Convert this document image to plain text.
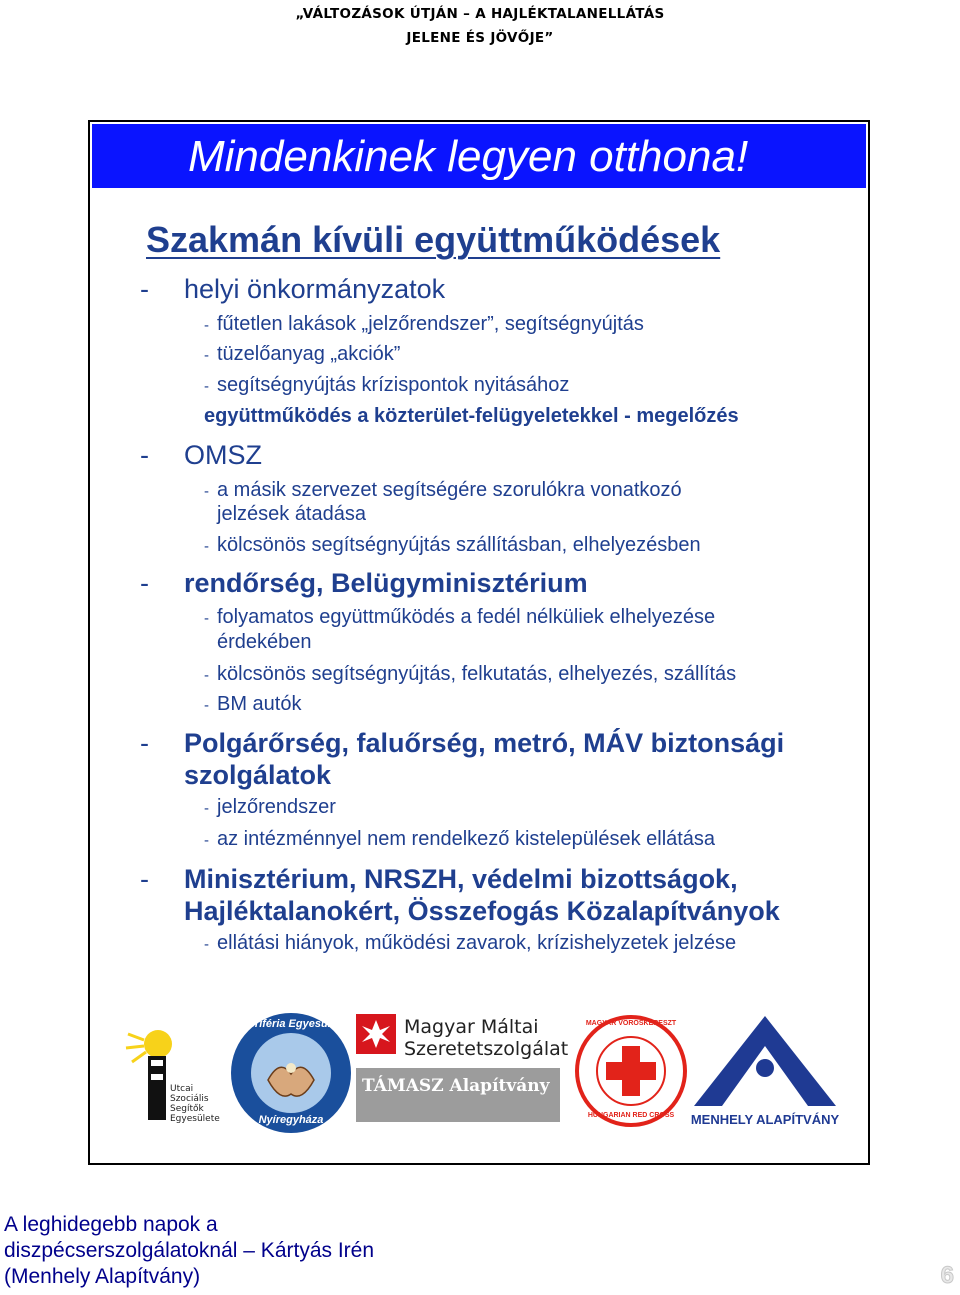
„VÁLTOZÁSOK ÚTJÁN – A HAJLÉKTALANELLÁTÁS
JELENE ÉS JÖVŐJE”
Mindenkinek legyen otthona!
Szakmán kívüli együttműködések
- helyi önkormányzatok
- fűtetlen lakások „jelzőrendszer”, segítségnyújtás
- tüzelőanyag „akciók”
- segítségnyújtás krízispontok nyitásához
együttműködés a közterület-felügyeletekkel - megelőzés
- OMSZ
- a másik szervezet segítségére szorulókra vonatkozó
jelzések átadása
- kölcsönös segítségnyújtás szállításban, elhelyezésben
- rendőrség, Belügyminisztérium
- folyamatos együttműködés a fedél nélküliek elhelyezése
érdekében
- kölcsönös segítségnyújtás, felkutatás, elhelyezés, szállítás
- BM autók
- Polgárőrség, faluőrség, metró, MÁV biztonsági
szolgálatok
- jelzőrendszer
- az intézménnyel nem rendelkező kistelepülések ellátása
- Minisztérium, NRSZH, védelmi bizottságok,
Hajléktalanokért, Összefogás Közalapítványok
- ellátási hiányok, működési zavarok, krízishelyzetek jelzése
Utcai
Szociális
Segítők
Egyesülete
Periféria Egyesület
Nyíregyháza
Magyar Máltai
Szeretetszolgálat
TÁMASZ Alapítvány
MAGYAR VÖRÖSKERESZT
HUNGARIAN RED CROSS	MENHELY ALAPÍTVÁNY
A leghidegebb napok a
diszpécserszolgálatoknál – Kártyás Irén
(Menhely Alapítvány)	6
